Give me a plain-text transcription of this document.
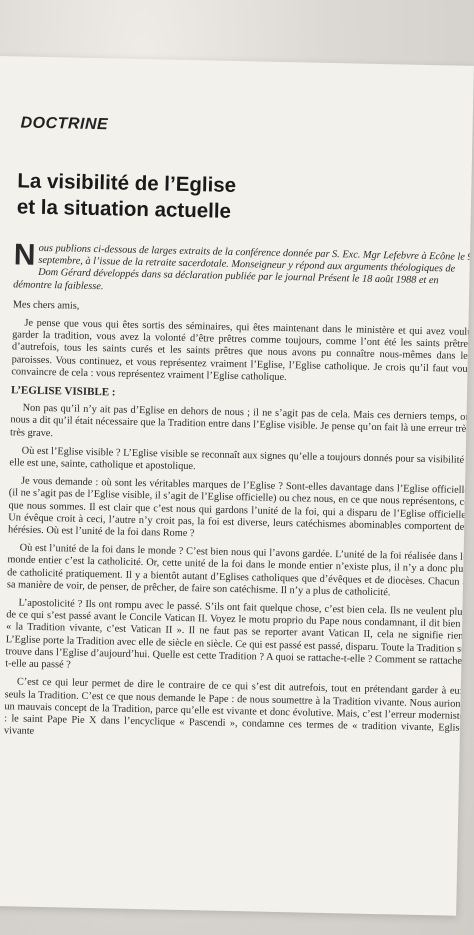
DOCTRINE
La visibilité de l’Eglise
et la situation actuelle
Nous publions ci-dessous de larges extraits de la conférence donnée par S. Exc. Mgr Lefebvre à Ecône le 9 septembre, à l’issue de la retraite sacerdotale. Monseigneur y répond aux arguments théologiques de Dom Gérard développés dans sa déclaration publiée par le journal Présent le 18 août 1988 et en démontre la faiblesse.
Mes chers amis,
Je pense que vous qui êtes sortis des séminaires, qui êtes maintenant dans le ministère et qui avez voulu garder la tradition, vous avez la volonté d’être prêtres comme toujours, comme l’ont été les saints prêtres d’autrefois, tous les saints curés et les saints prêtres que nous avons pu connaître nous-mêmes dans les paroisses. Vous continuez, et vous représentez vraiment l’Eglise, l’Eglise catholique. Je crois qu’il faut vous convaincre de cela : vous représentez vraiment l’Eglise catholique.
L’EGLISE VISIBLE :
Non pas qu’il n’y ait pas d’Eglise en dehors de nous ; il ne s’agit pas de cela. Mais ces derniers temps, on nous a dit qu’il était nécessaire que la Tradition entre dans l’Eglise visible. Je pense qu’on fait là une erreur très très grave.
Où est l’Eglise visible ? L’Eglise visible se reconnaît aux signes qu’elle a toujours donnés pour sa visibilité : elle est une, sainte, catholique et apostolique.
Je vous demande : où sont les véritables marques de l’Eglise ? Sont-elles davantage dans l’Eglise officielle (il ne s’agit pas de l’Eglise visible, il s’agit de l’Eglise officielle) ou chez nous, en ce que nous représentons, ce que nous sommes. Il est clair que c’est nous qui gardons l’unité de la foi, qui a disparu de l’Eglise officielle. Un évêque croit à ceci, l’autre n’y croit pas, la foi est diverse, leurs catéchismes abominables comportent des hérésies. Où est l’unité de la foi dans Rome ?
Où est l’unité de la foi dans le monde ? C’est bien nous qui l’avons gardée. L’unité de la foi réalisée dans le monde entier c’est la catholicité. Or, cette unité de la foi dans le monde entier n’existe plus, il n’y a donc plus de catholicité pratiquement. Il y a bientôt autant d’Eglises catholiques que d’évêques et de diocèses. Chacun a sa manière de voir, de penser, de prêcher, de faire son catéchisme. Il n’y a plus de catholicité.
L’apostolicité ? Ils ont rompu avec le passé. S’ils ont fait quelque chose, c’est bien cela. Ils ne veulent plus de ce qui s’est passé avant le Concile Vatican II. Voyez le motu proprio du Pape nous condamnant, il dit bien : « la Tradition vivante, c’est Vatican II ». Il ne faut pas se reporter avant Vatican II, cela ne signifie rien. L’Eglise porte la Tradition avec elle de siècle en siècle. Ce qui est passé est passé, disparu. Toute la Tradition se trouve dans l’Eglise d’aujourd’hui. Quelle est cette Tradition ? A quoi se rattache-t-elle ? Comment se rattache-t-elle au passé ?
C’est ce qui leur permet de dire le contraire de ce qui s’est dit autrefois, tout en prétendant garder à eux seuls la Tradition. C’est ce que nous demande le Pape : de nous soumettre à la Tradition vivante. Nous aurions un mauvais concept de la Tradition, parce qu’elle est vivante et donc évolutive. Mais, c’est l’erreur moderniste : le saint Pape Pie X dans l’encyclique « Pascendi », condamne ces termes de « tradition vivante, Eglise vivante
